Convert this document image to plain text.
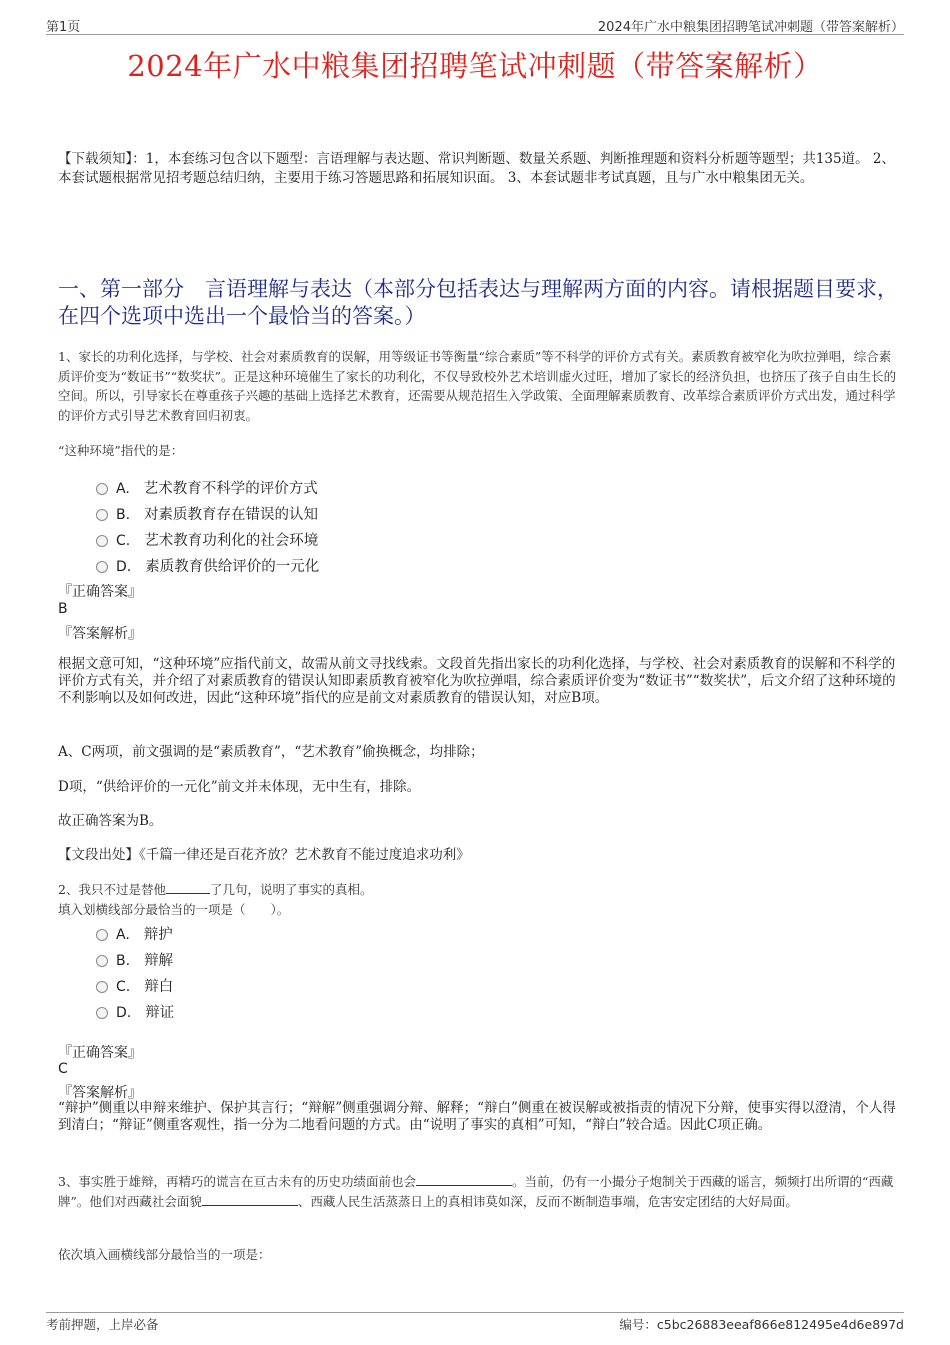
第1页	2024年广水中粮集团招聘笔试冲刺题（带答案解析）
2024年广水中粮集团招聘笔试冲刺题（带答案解析）
【下载须知】：1，本套练习包含以下题型：言语理解与表达题、常识判断题、数量关系题、判断推理题和资料分析题等题型；共135道。 2、本套试题根据常见招考题总结归纳，主要用于练习答题思路和拓展知识面。 3、本套试题非考试真题，且与广水中粮集团无关。
一、第一部分　言语理解与表达（本部分包括表达与理解两方面的内容。请根据题目要求，在四个选项中选出一个最恰当的答案。）
1、家长的功利化选择，与学校、社会对素质教育的误解，用等级证书等衡量“综合素质”等不科学的评价方式有关。素质教育被窄化为吹拉弹唱，综合素质评价变为“数证书”“数奖状”。正是这种环境催生了家长的功利化，不仅导致校外艺术培训虚火过旺，增加了家长的经济负担，也挤压了孩子自由生长的空间。所以，引导家长在尊重孩子兴趣的基础上选择艺术教育，还需要从规范招生入学政策、全面理解素质教育、改革综合素质评价方式出发，通过科学的评价方式引导艺术教育回归初衷。
“这种环境”指代的是：
A. 艺术教育不科学的评价方式
B. 对素质教育存在错误的认知
C. 艺术教育功利化的社会环境
D. 素质教育供给评价的一元化
『正确答案』
B
『答案解析』
根据文意可知，“这种环境”应指代前文，故需从前文寻找线索。文段首先指出家长的功利化选择，与学校、社会对素质教育的误解和不科学的评价方式有关，并介绍了对素质教育的错误认知即素质教育被窄化为吹拉弹唱，综合素质评价变为“数证书”“数奖状”，后文介绍了这种环境的不利影响以及如何改进，因此“这种环境”指代的应是前文对素质教育的错误认知，对应B项。
A、C两项，前文强调的是“素质教育”，“艺术教育”偷换概念，均排除；
D项，“供给评价的一元化”前文并未体现，无中生有，排除。
故正确答案为B。
【文段出处】《千篇一律还是百花齐放？艺术教育不能过度追求功利》
2、我只不过是替他	了几句，说明了事实的真相。
填入划横线部分最恰当的一项是（　　）。
A. 辩护
B. 辩解
C. 辩白
D. 辩证
『正确答案』
C
『答案解析』
“辩护”侧重以申辩来维护、保护其言行；“辩解”侧重强调分辩、解释；“辩白”侧重在被误解或被指责的情况下分辩，使事实得以澄清，个人得到清白；“辩证”侧重客观性，指一分为二地看问题的方式。由“说明了事实的真相”可知，“辩白”较合适。因此C项正确。
3、事实胜于雄辩，再精巧的谎言在亘古未有的历史功绩面前也会	。当前，仍有一小撮分子炮制关于西藏的谣言，频频打出所谓的“西藏牌”。他们对西藏社会面貌	、西藏人民生活蒸蒸日上的真相讳莫如深，反而不断制造事端，危害安定团结的大好局面。
依次填入画横线部分最恰当的一项是：
考前押题，上岸必备	编号：c5bc26883eeaf866e812495e4d6e897d
